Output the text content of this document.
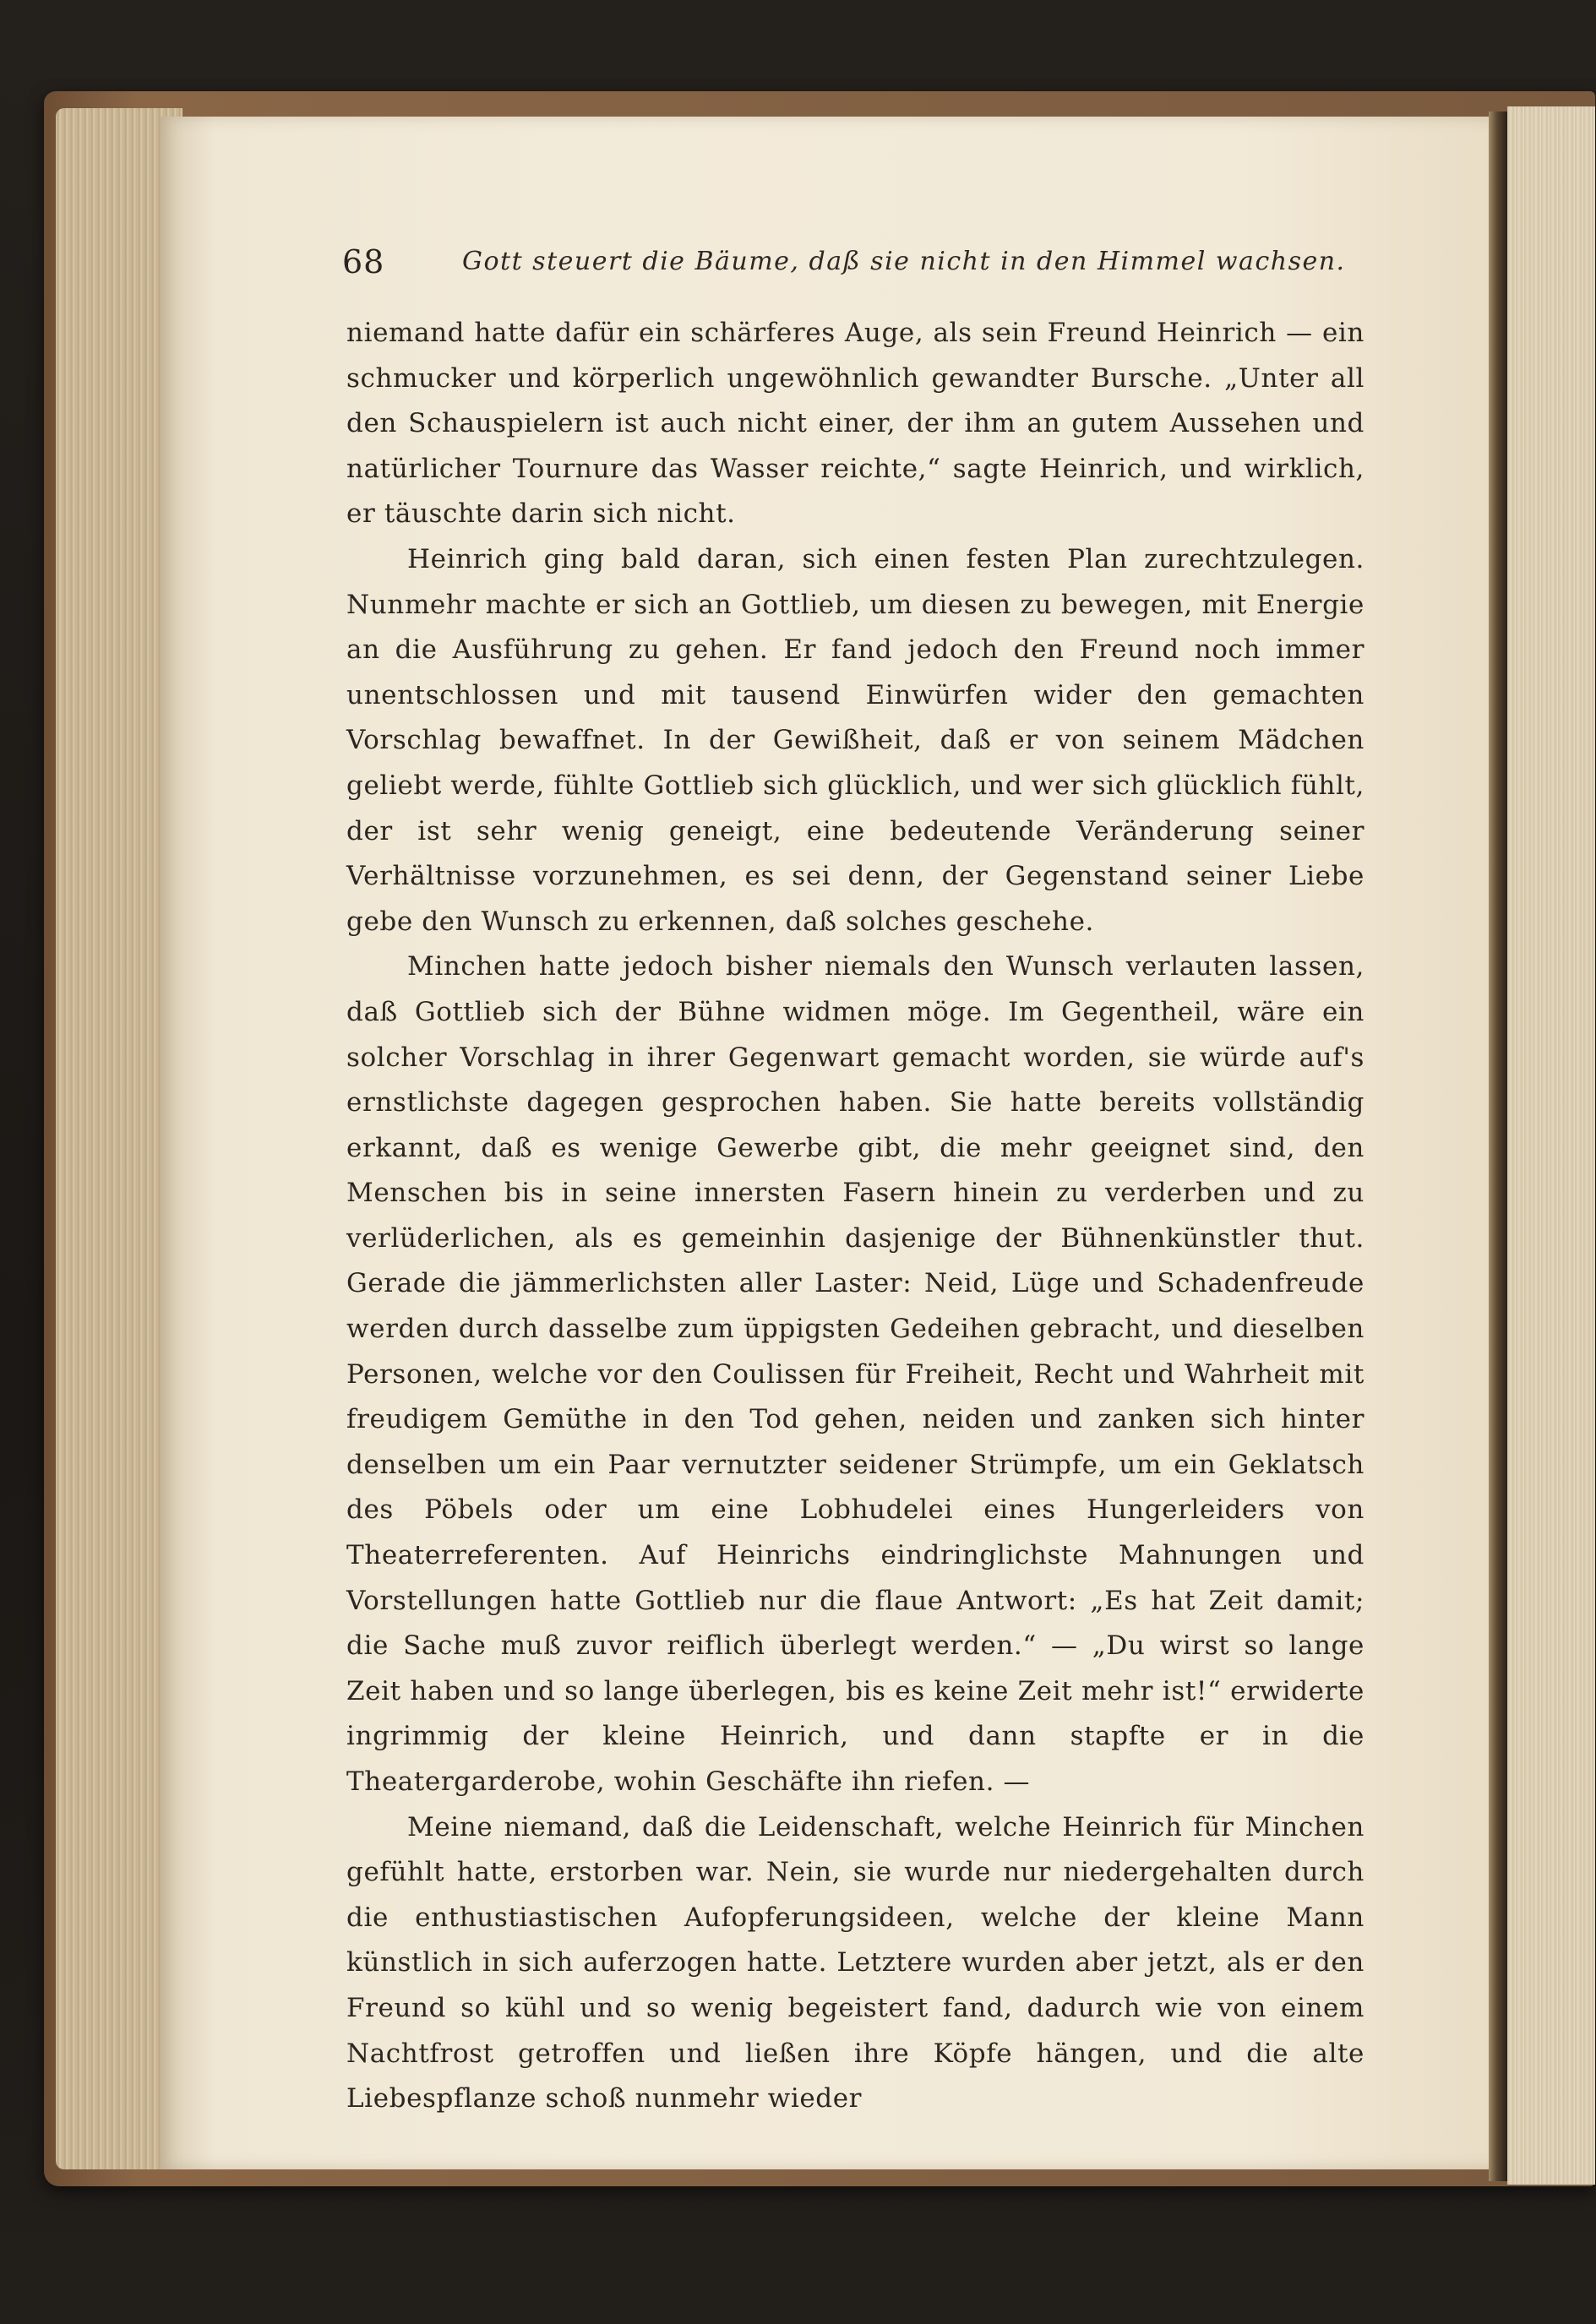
68	Gott steuert die Bäume, daß sie nicht in den Himmel wachsen.

niemand hatte dafür ein schärferes Auge, als sein Freund Heinrich — ein schmucker und körperlich ungewöhnlich gewandter Bursche. „Unter all den Schauspielern ist auch nicht einer, der ihm an gutem Aussehen und natürlicher Tournure das Wasser reichte,“ sagte Heinrich, und wirklich, er täuschte darin sich nicht.

Heinrich ging bald daran, sich einen festen Plan zurechtzulegen. Nunmehr machte er sich an Gottlieb, um diesen zu bewegen, mit Energie an die Ausführung zu gehen. Er fand jedoch den Freund noch immer unentschlossen und mit tausend Einwürfen wider den gemachten Vorschlag bewaffnet. In der Gewißheit, daß er von seinem Mädchen geliebt werde, fühlte Gottlieb sich glücklich, und wer sich glücklich fühlt, der ist sehr wenig geneigt, eine bedeutende Veränderung seiner Verhältnisse vorzunehmen, es sei denn, der Gegenstand seiner Liebe gebe den Wunsch zu erkennen, daß solches geschehe.

Minchen hatte jedoch bisher niemals den Wunsch verlauten lassen, daß Gottlieb sich der Bühne widmen möge. Im Gegentheil, wäre ein solcher Vorschlag in ihrer Gegenwart gemacht worden, sie würde auf's ernstlichste dagegen gesprochen haben. Sie hatte bereits vollständig erkannt, daß es wenige Gewerbe gibt, die mehr geeignet sind, den Menschen bis in seine innersten Fasern hinein zu verderben und zu verlüderlichen, als es gemeinhin dasjenige der Bühnenkünstler thut. Gerade die jämmerlichsten aller Laster: Neid, Lüge und Schadenfreude werden durch dasselbe zum üppigsten Gedeihen gebracht, und dieselben Personen, welche vor den Coulissen für Freiheit, Recht und Wahrheit mit freudigem Gemüthe in den Tod gehen, neiden und zanken sich hinter denselben um ein Paar vernutzter seidener Strümpfe, um ein Geklatsch des Pöbels oder um eine Lobhudelei eines Hungerleiders von Theaterreferenten. Auf Heinrichs eindringlichste Mahnungen und Vorstellungen hatte Gottlieb nur die flaue Antwort: „Es hat Zeit damit; die Sache muß zuvor reiflich überlegt werden.“ — „Du wirst so lange Zeit haben und so lange überlegen, bis es keine Zeit mehr ist!“ erwiderte ingrimmig der kleine Heinrich, und dann stapfte er in die Theatergarderobe, wohin Geschäfte ihn riefen. —

Meine niemand, daß die Leidenschaft, welche Heinrich für Minchen gefühlt hatte, erstorben war. Nein, sie wurde nur niedergehalten durch die enthustiastischen Aufopferungsideen, welche der kleine Mann künstlich in sich auferzogen hatte. Letztere wurden aber jetzt, als er den Freund so kühl und so wenig begeistert fand, dadurch wie von einem Nachtfrost getroffen und ließen ihre Köpfe hängen, und die alte Liebespflanze schoß nunmehr wieder
